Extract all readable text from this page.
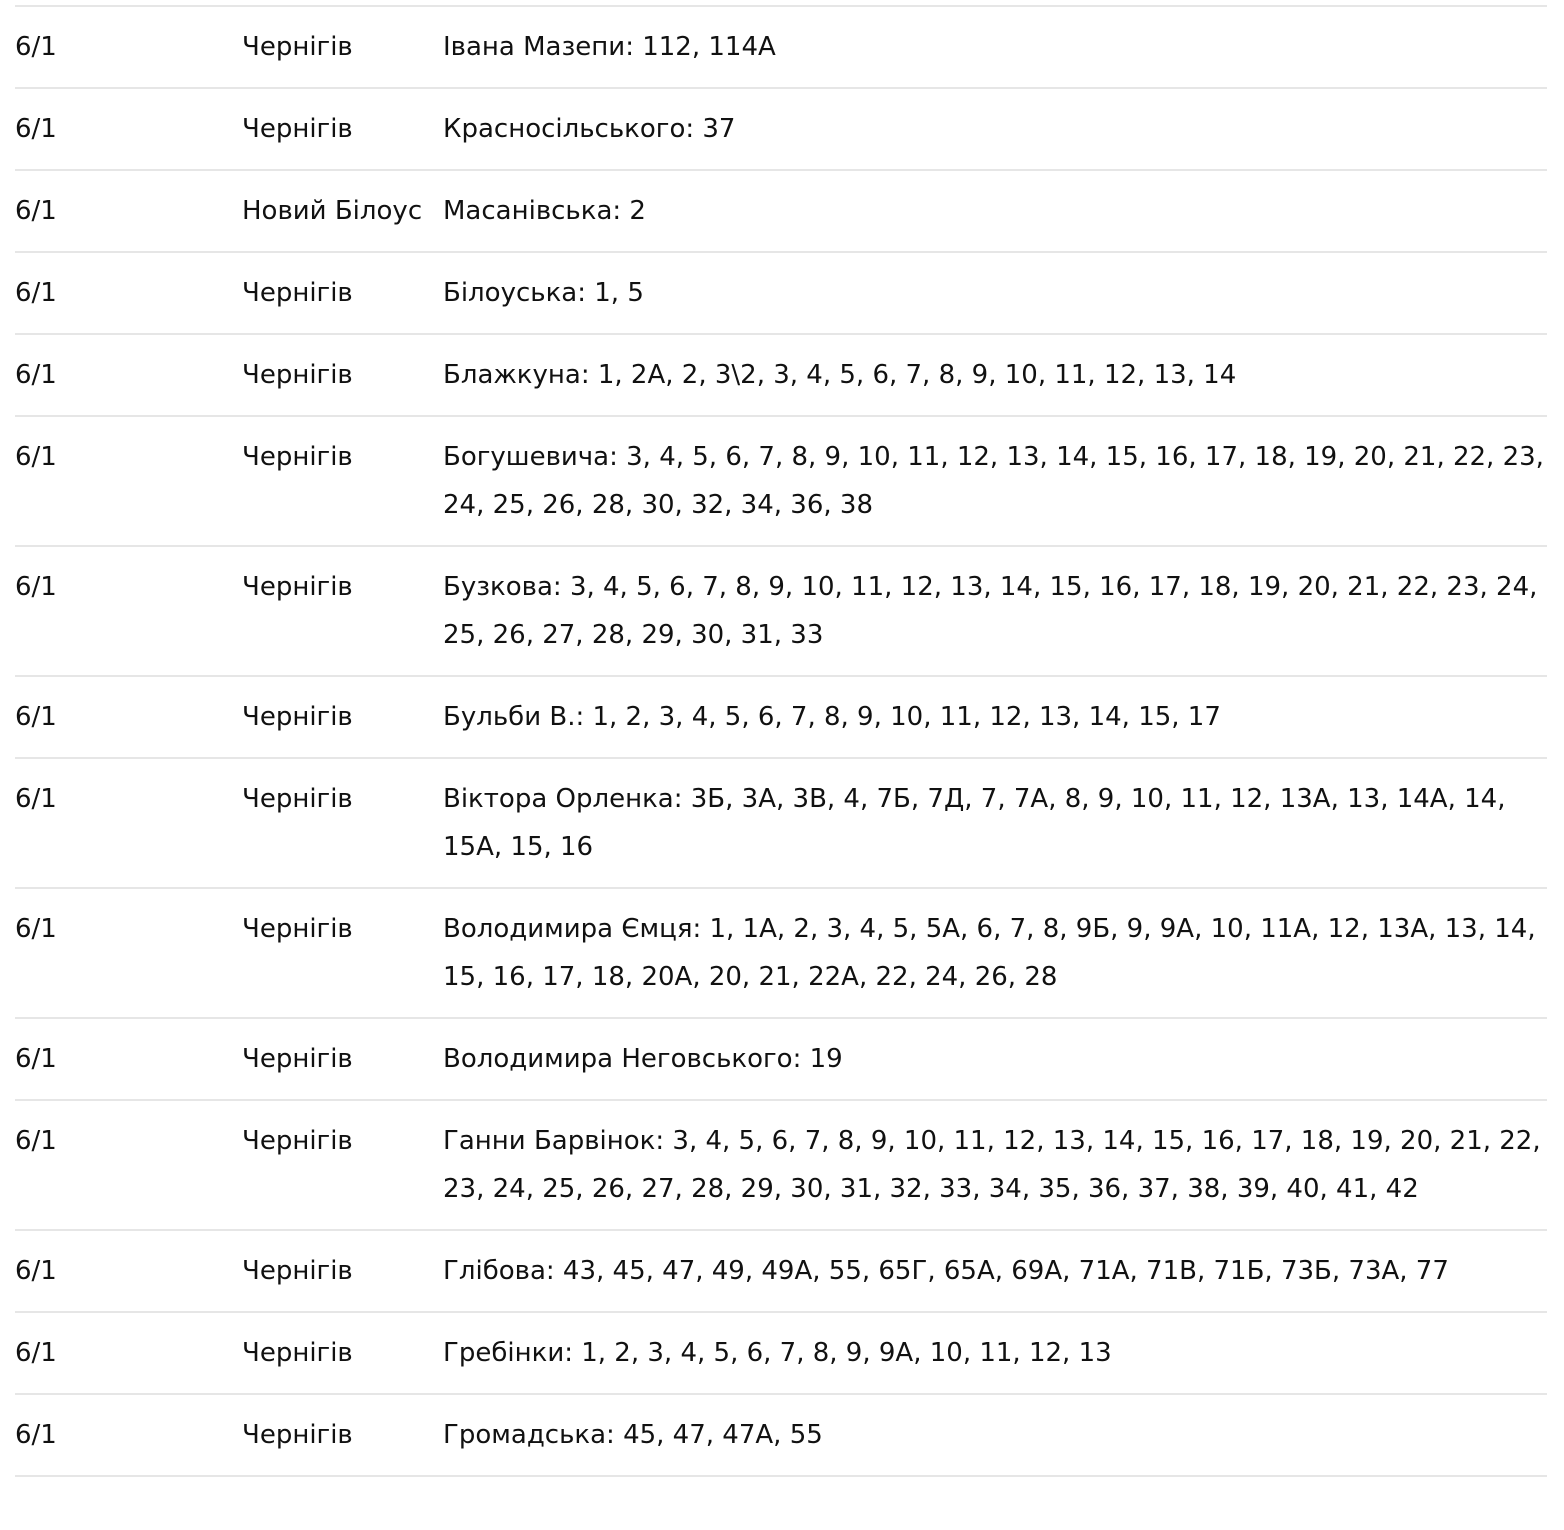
6/1	Чернігів	Івана Мазепи: 112, 114А
6/1	Чернігів	Красносільського: 37
6/1	Новий Білоус	Масанівська: 2
6/1	Чернігів	Білоуська: 1, 5
6/1	Чернігів	Блажкуна: 1, 2А, 2, 3\2, 3, 4, 5, 6, 7, 8, 9, 10, 11, 12, 13, 14
6/1	Чернігів	Богушевича: 3, 4, 5, 6, 7, 8, 9, 10, 11, 12, 13, 14, 15, 16, 17, 18, 19, 20, 21, 22, 23, 24, 25, 26, 28, 30, 32, 34, 36, 38
6/1	Чернігів	Бузкова: 3, 4, 5, 6, 7, 8, 9, 10, 11, 12, 13, 14, 15, 16, 17, 18, 19, 20, 21, 22, 23, 24, 25, 26, 27, 28, 29, 30, 31, 33
6/1	Чернігів	Бульби В.: 1, 2, 3, 4, 5, 6, 7, 8, 9, 10, 11, 12, 13, 14, 15, 17
6/1	Чернігів	Віктора Орленка: 3Б, 3А, 3В, 4, 7Б, 7Д, 7, 7А, 8, 9, 10, 11, 12, 13А, 13, 14А, 14, 15А, 15, 16
6/1	Чернігів	Володимира Ємця: 1, 1А, 2, 3, 4, 5, 5А, 6, 7, 8, 9Б, 9, 9А, 10, 11А, 12, 13А, 13, 14, 15, 16, 17, 18, 20А, 20, 21, 22А, 22, 24, 26, 28
6/1	Чернігів	Володимира Неговського: 19
6/1	Чернігів	Ганни Барвінок: 3, 4, 5, 6, 7, 8, 9, 10, 11, 12, 13, 14, 15, 16, 17, 18, 19, 20, 21, 22, 23, 24, 25, 26, 27, 28, 29, 30, 31, 32, 33, 34, 35, 36, 37, 38, 39, 40, 41, 42
6/1	Чернігів	Глібова: 43, 45, 47, 49, 49А, 55, 65Г, 65А, 69А, 71А, 71В, 71Б, 73Б, 73А, 77
6/1	Чернігів	Гребінки: 1, 2, 3, 4, 5, 6, 7, 8, 9, 9А, 10, 11, 12, 13
6/1	Чернігів	Громадська: 45, 47, 47А, 55
